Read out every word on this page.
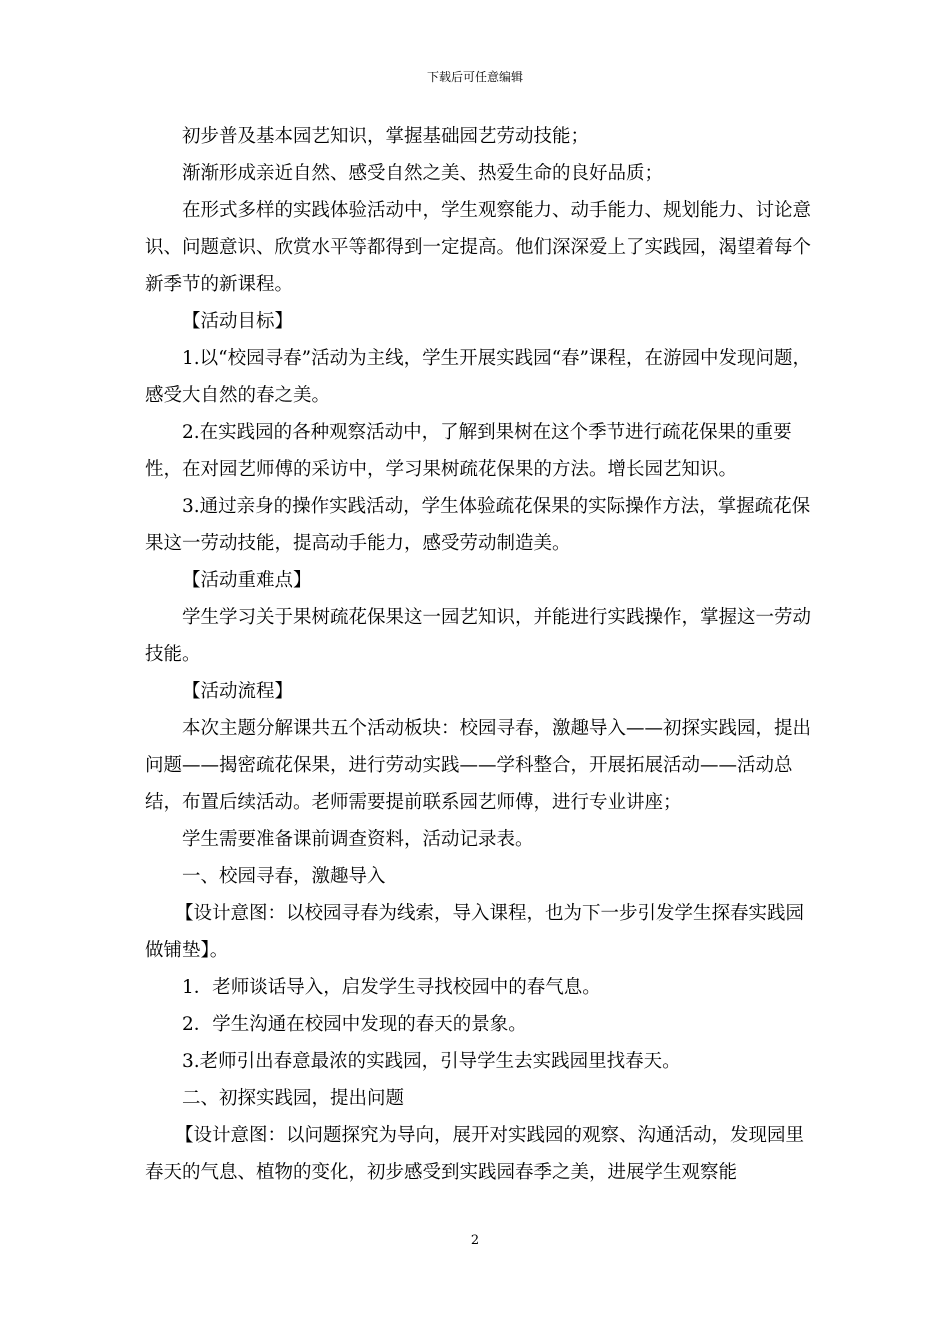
下载后可任意编辑

初步普及基本园艺知识，掌握基础园艺劳动技能；

渐渐形成亲近自然、感受自然之美、热爱生命的良好品质；

在形式多样的实践体验活动中，学生观察能力、动手能力、规划能力、讨论意识、问题意识、欣赏水平等都得到一定提高。他们深深爱上了实践园，渴望着每个新季节的新课程。

【活动目标】

1.以“校园寻春”活动为主线，学生开展实践园“春”课程，在游园中发现问题，感受大自然的春之美。

2.在实践园的各种观察活动中，了解到果树在这个季节进行疏花保果的重要性，在对园艺师傅的采访中，学习果树疏花保果的方法。增长园艺知识。

3.通过亲身的操作实践活动，学生体验疏花保果的实际操作方法，掌握疏花保果这一劳动技能，提高动手能力，感受劳动制造美。

【活动重难点】

学生学习关于果树疏花保果这一园艺知识，并能进行实践操作，掌握这一劳动技能。

【活动流程】

本次主题分解课共五个活动板块：校园寻春，激趣导入——初探实践园，提出问题——揭密疏花保果，进行劳动实践——学科整合，开展拓展活动——活动总结，布置后续活动。老师需要提前联系园艺师傅，进行专业讲座；

学生需要准备课前调查资料，活动记录表。

一、校园寻春，激趣导入

【设计意图：以校园寻春为线索，导入课程，也为下一步引发学生探春实践园做铺垫】。

1．老师谈话导入，启发学生寻找校园中的春气息。

2．学生沟通在校园中发现的春天的景象。

3.老师引出春意最浓的实践园，引导学生去实践园里找春天。

二、初探实践园，提出问题

【设计意图：以问题探究为导向，展开对实践园的观察、沟通活动，发现园里春天的气息、植物的变化，初步感受到实践园春季之美，进展学生观察能

2
